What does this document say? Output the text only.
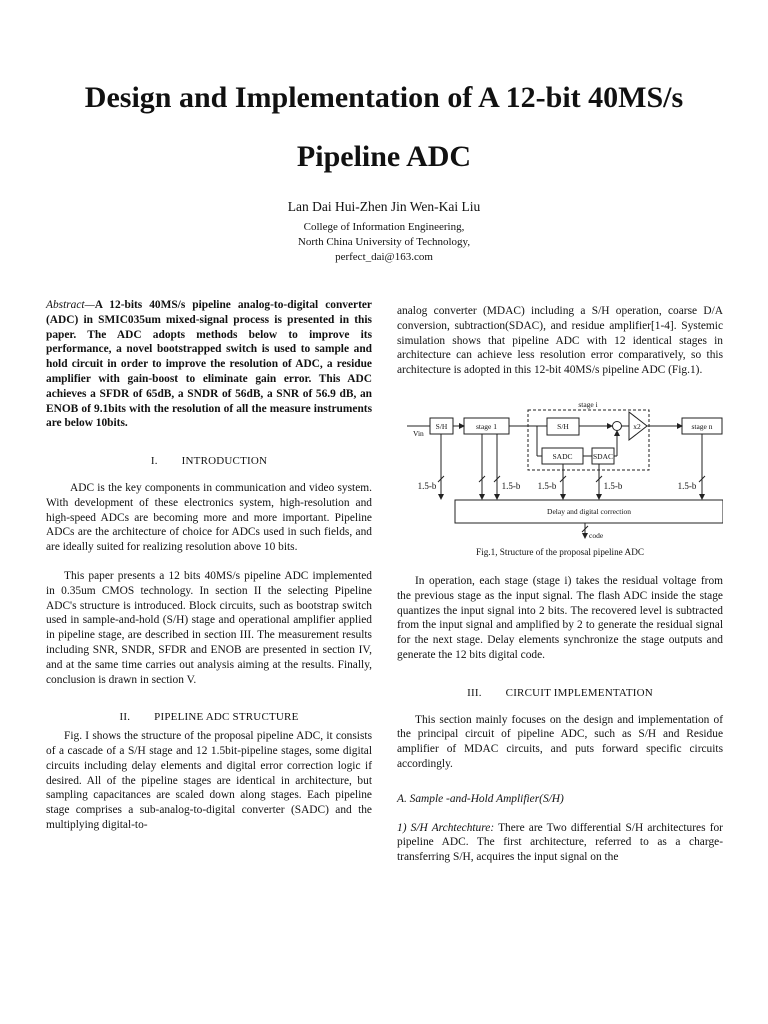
Design and Implementation of A 12-bit 40MS/s
Pipeline ADC
Lan Dai Hui-Zhen Jin Wen-Kai Liu
College of Information Engineering,
North China University of Technology,
perfect_dai@163.com

Abstract—A 12-bits 40MS/s pipeline analog-to-digital converter (ADC) in SMIC035um mixed-signal process is presented in this paper. The ADC adopts methods below to improve its performance, a novel bootstrapped switch is used to sample and hold circuit in order to improve the resolution of ADC, a residue amplifier with gain-boost to eliminate gain error. This ADC achieves a SFDR of 65dB, a SNDR of 56dB, a SNR of 56.9 dB, an ENOB of 9.1bits with the resolution of all the measure instruments are below 10bits.

I. INTRODUCTION

ADC is the key components in communication and video system. With development of these electronics system, high-resolution and high-speed ADCs are becoming more and more important. Pipeline ADCs are the architecture of choice for ADCs used in such fields, and are ideally suited for realizing resolution above 10 bits.

This paper presents a 12 bits 40MS/s pipeline ADC implemented in 0.35um CMOS technology. In section II the selecting Pipeline ADC's structure is introduced. Block circuits, such as bootstrap switch used in sample-and-hold (S/H) stage and operational amplifier applied in pipeline stage, are described in section III. The measurement results including SNR, SNDR, SFDR and ENOB are presented in section IV, and at the same time carries out analysis aiming at the results. Finally, conclusion is drawn in section V.

II. PIPELINE ADC STRUCTURE

Fig. I shows the structure of the proposal pipeline ADC, it consists of a cascade of a S/H stage and 12 1.5bit-pipeline stages, some digital circuits including delay elements and digital error correction logic if desired. All of the pipeline stages are identical in architecture, but sampling capacitances are scaled down along stages. Each pipeline stage comprises a sub-analog-to-digital converter (SADC) and the multiplying digital-to-

analog converter (MDAC) including a S/H operation, coarse D/A conversion, subtraction(SDAC), and residue amplifier[1-4]. Systemic simulation shows that pipeline ADC with 12 identical stages in architecture can achieve less resolution error comparatively, so this architecture is adopted in this 12-bit 40MS/s pipeline ADC (Fig.1).

stage i
Vin
S/H	stage 1	S/H	x2	stage n
SADC	SDAC
Delay and digital correction
code
1.5-b	1.5-b 1.5-b	1.5-b	1.5-b
Fig.1, Structure of the proposal pipeline ADC

In operation, each stage (stage i) takes the residual voltage from the previous stage as the input signal. The flash ADC inside the stage quantizes the input signal into 2 bits. The recovered level is subtracted from the input signal and amplified by 2 to generate the residual signal for the next stage. Delay elements synchronize the stage outputs and generate the 12 bits digital code.

III. CIRCUIT IMPLEMENTATION

This section mainly focuses on the design and implementation of the principal circuit of pipeline ADC, such as S/H and Residue amplifier of MDAC circuits, and puts forward specific circuits accordingly.

A. Sample -and-Hold Amplifier(S/H)

1) S/H Archtechture: There are Two differential S/H architectures for pipeline ADC. The first architecture, referred to as a charge-transferring S/H, acquires the input signal on the
